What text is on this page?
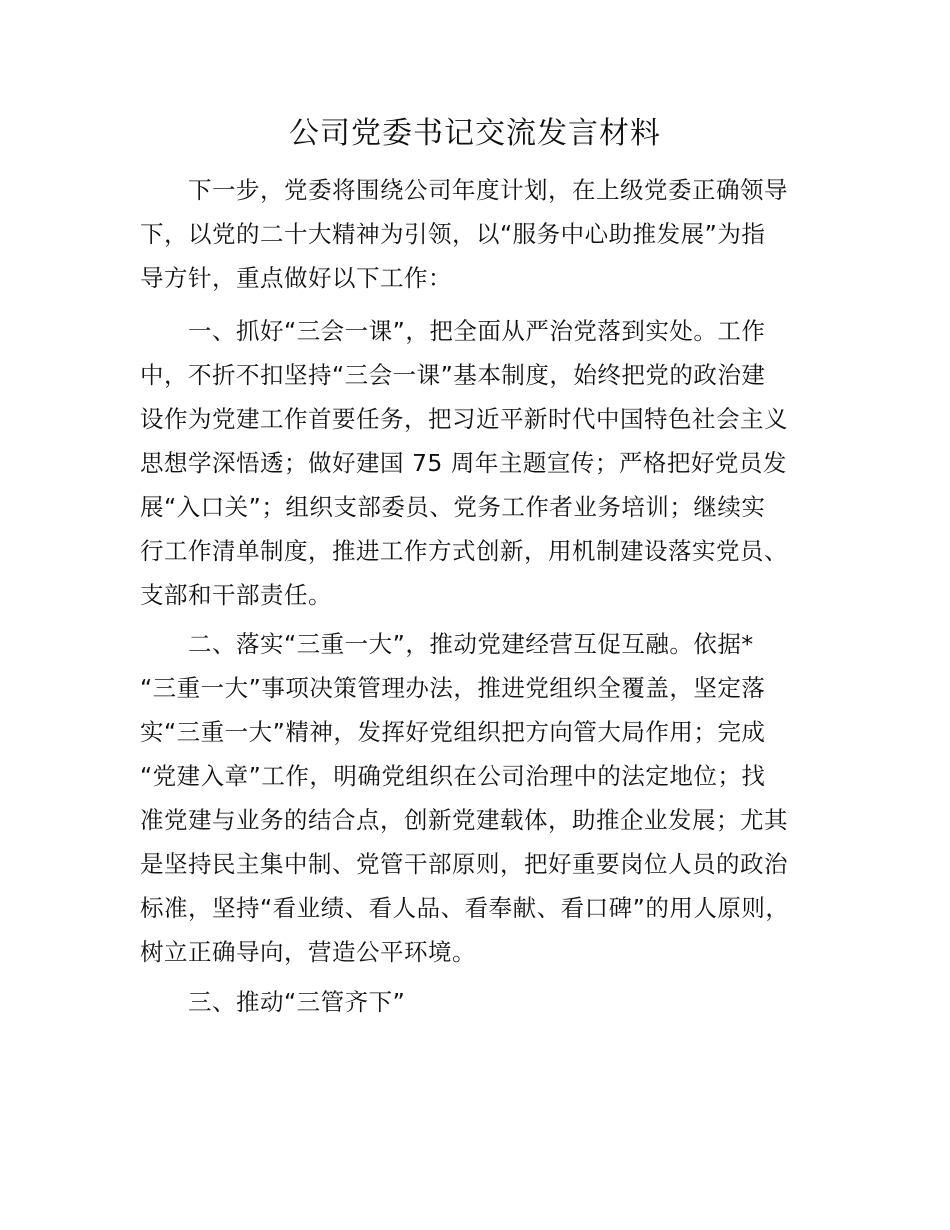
公司党委书记交流发言材料
下一步，党委将围绕公司年度计划，在上级党委正确领导
下，以党的二十大精神为引领，以“服务中心助推发展”为指
导方针，重点做好以下工作：
一、抓好“三会一课”，把全面从严治党落到实处。工作
中，不折不扣坚持“三会一课”基本制度，始终把党的政治建
设作为党建工作首要任务，把习近平新时代中国特色社会主义
思想学深悟透；做好建国 75 周年主题宣传；严格把好党员发
展“入口关”；组织支部委员、党务工作者业务培训；继续实
行工作清单制度，推进工作方式创新，用机制建设落实党员、
支部和干部责任。
二、落实“三重一大”，推动党建经营互促互融。依据*
“三重一大”事项决策管理办法，推进党组织全覆盖，坚定落
实“三重一大”精神，发挥好党组织把方向管大局作用；完成
“党建入章”工作，明确党组织在公司治理中的法定地位；找
准党建与业务的结合点，创新党建载体，助推企业发展；尤其
是坚持民主集中制、党管干部原则，把好重要岗位人员的政治
标准，坚持“看业绩、看人品、看奉献、看口碑”的用人原则，
树立正确导向，营造公平环境。
三、推动“三管齐下”
